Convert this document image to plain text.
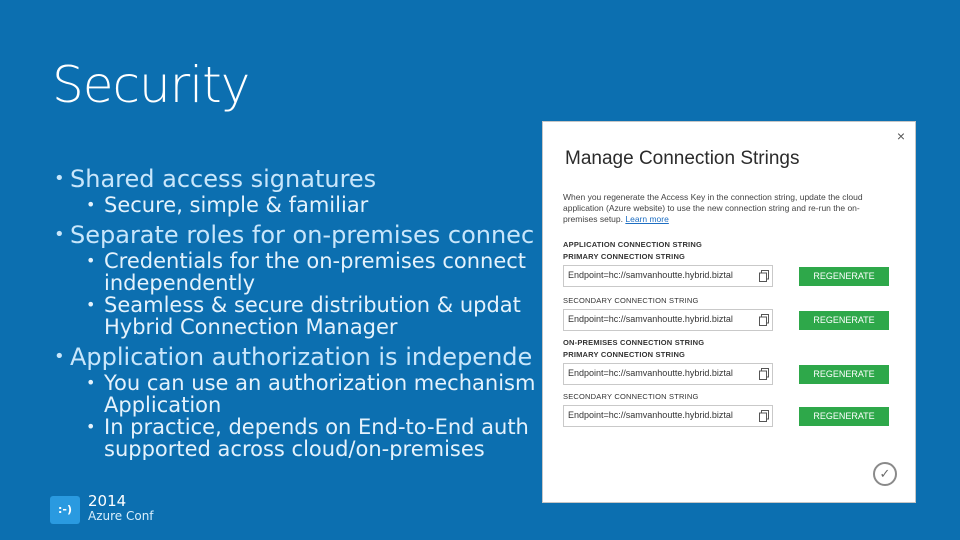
Security
• Shared access signatures
• Secure, simple & familiar
• Separate roles for on-premises connec
• Credentials for the on-premises connect
independently
• Seamless & secure distribution & updat
Hybrid Connection Manager
• Application authorization is independe
• You can use an authorization mechanism
Application
• In practice, depends on End-to-End auth
supported across cloud/on-premises
:-)	2014
Azure Conf
×
Manage Connection Strings
When you regenerate the Access Key in the connection string, update the cloud application (Azure website) to use the new connection string and re-run the on-premises setup. Learn more
APPLICATION CONNECTION STRING
PRIMARY CONNECTION STRING
Endpoint=hc://samvanhoutte.hybrid.biztal	REGENERATE
SECONDARY CONNECTION STRING
Endpoint=hc://samvanhoutte.hybrid.biztal	REGENERATE
ON-PREMISES CONNECTION STRING
PRIMARY CONNECTION STRING
Endpoint=hc://samvanhoutte.hybrid.biztal	REGENERATE
SECONDARY CONNECTION STRING
Endpoint=hc://samvanhoutte.hybrid.biztal	REGENERATE
✓
